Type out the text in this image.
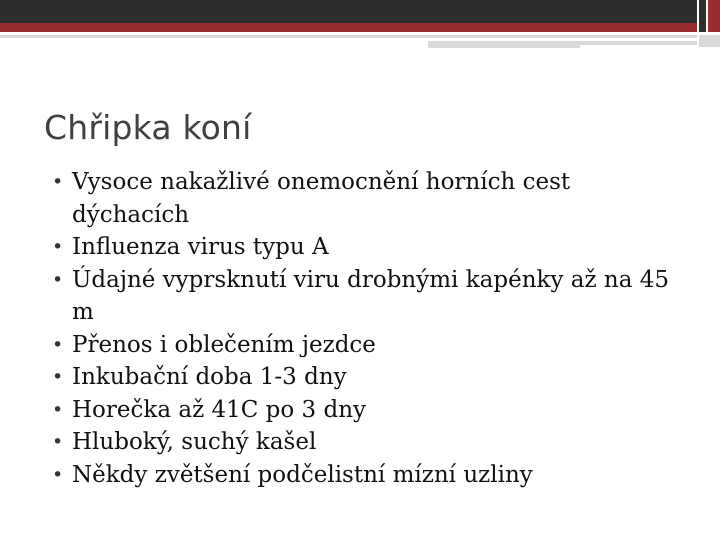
Chřipka koní
• Vysoce nakažlivé onemocnění horních cest dýchacích
• Influenza virus typu A
• Údajné vyprsknutí viru drobnými kapénky až na 45 m
• Přenos i oblečením jezdce
• Inkubační doba 1-3 dny
• Horečka až 41C po 3 dny
• Hluboký, suchý kašel
• Někdy zvětšení podčelistní mízní uzliny
